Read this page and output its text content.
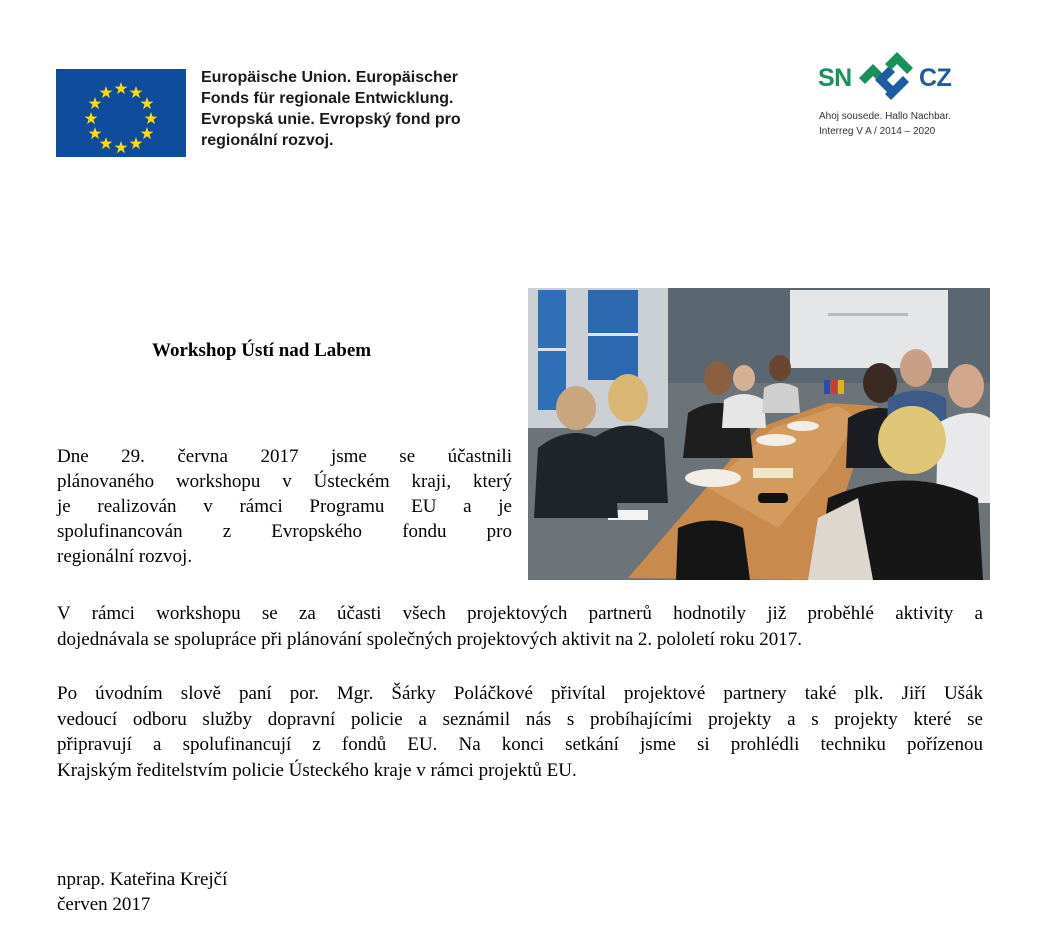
Europäische Union. Europäischer
Fonds für regionale Entwicklung.
Evropská unie. Evropský fond pro
regionální rozvoj.
SN	CZ
Ahoj sousede. Hallo Nachbar.
Interreg V A / 2014 – 2020
Workshop Ústí nad Labem
Dne 29. června 2017 jsme se účastnili
plánovaného workshopu v Ústeckém kraji, který
je realizován v rámci Programu EU a je
spolufinancován z Evropského fondu pro
regionální rozvoj.
V rámci workshopu se za účasti všech projektových partnerů hodnotily již proběhlé aktivity a
dojednávala se spolupráce při plánování společných projektových aktivit na 2. pololetí roku 2017.
Po úvodním slově paní por. Mgr. Šárky Poláčkové přivítal projektové partnery také plk. Jiří Ušák
vedoucí odboru služby dopravní policie a seznámil nás s probíhajícími projekty a s projekty které se
připravují a spolufinancují z fondů EU. Na konci setkání jsme si prohlédli techniku pořízenou
Krajským ředitelstvím policie Ústeckého kraje v rámci projektů EU.
nprap. Kateřina Krejčí
červen 2017
